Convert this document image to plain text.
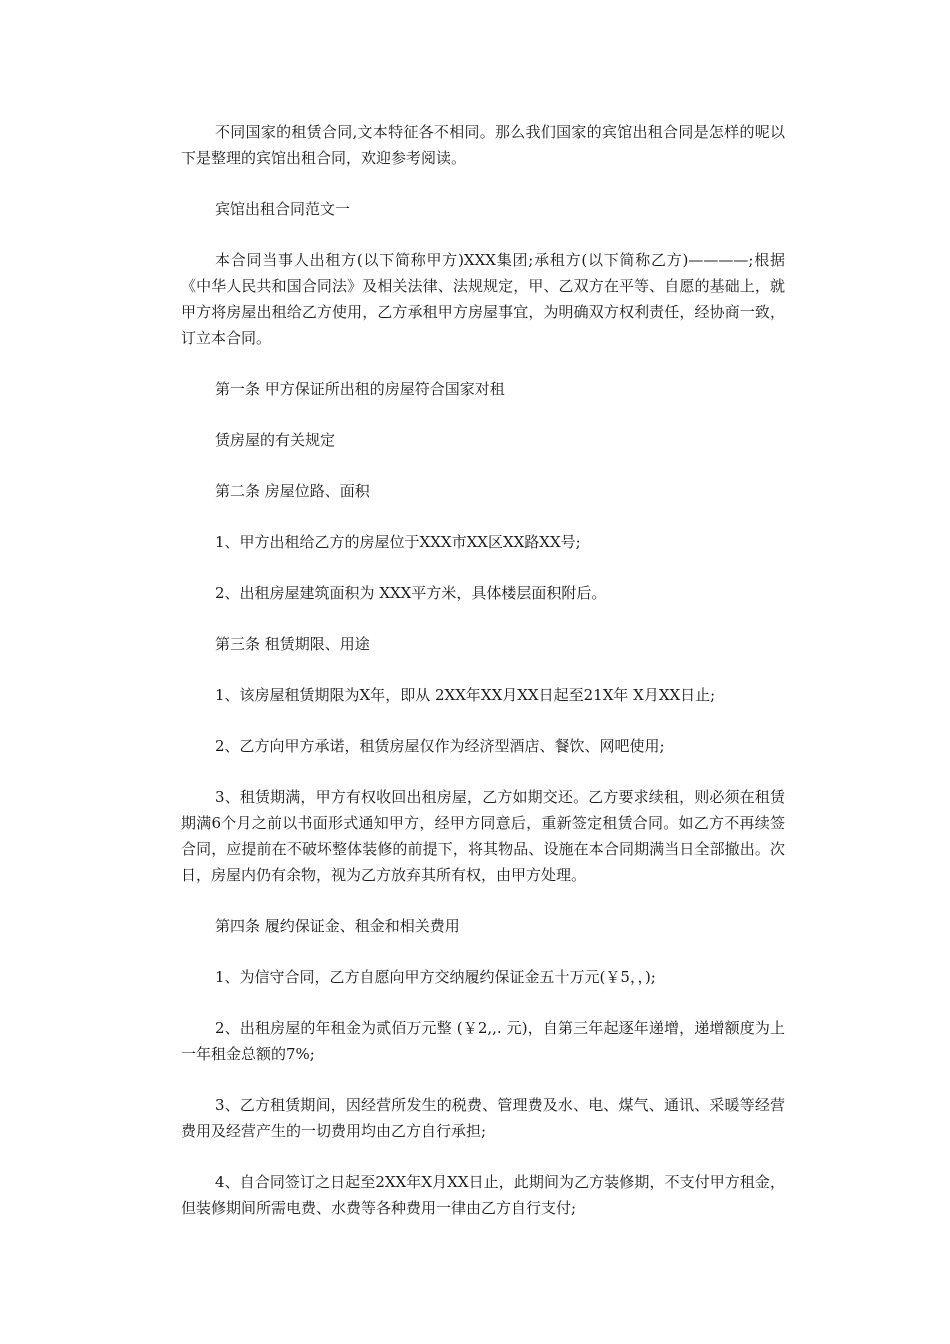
不同国家的租赁合同,文本特征各不相同。那么我们国家的宾馆出租合同是怎样的呢以下是整理的宾馆出租合同，欢迎参考阅读。

宾馆出租合同范文一

本合同当事人出租方(以下简称甲方)XXX集团;承租方(以下简称乙方)————;根据《中华人民共和国合同法》及相关法律、法规规定，甲、乙双方在平等、自愿的基础上，就甲方将房屋出租给乙方使用，乙方承租甲方房屋事宜，为明确双方权利责任，经协商一致，订立本合同。

第一条 甲方保证所出租的房屋符合国家对租

赁房屋的有关规定

第二条 房屋位路、面积

1、甲方出租给乙方的房屋位于XXX市XX区XX路XX号;

2、出租房屋建筑面积为 XXX平方米，具体楼层面积附后。

第三条 租赁期限、用途

1、该房屋租赁期限为X年，即从 2XX年XX月XX日起至21X年 X月XX日止;

2、乙方向甲方承诺，租赁房屋仅作为经济型酒店、餐饮、网吧使用;

3、租赁期满，甲方有权收回出租房屋，乙方如期交还。乙方要求续租，则必须在租赁期满6个月之前以书面形式通知甲方，经甲方同意后，重新签定租赁合同。如乙方不再续签合同，应提前在不破坏整体装修的前提下，将其物品、设施在本合同期满当日全部撤出。次日，房屋内仍有余物，视为乙方放弃其所有权，由甲方处理。

第四条 履约保证金、租金和相关费用

1、为信守合同，乙方自愿向甲方交纳履约保证金五十万元(￥5，，);

2、出租房屋的年租金为贰佰万元整 (￥2,,. 元)，自第三年起逐年递增，递增额度为上一年租金总额的7%;

3、乙方租赁期间，因经营所发生的税费、管理费及水、电、煤气、通讯、采暖等经营费用及经营产生的一切费用均由乙方自行承担;

4、自合同签订之日起至2XX年X月XX日止，此期间为乙方装修期，不支付甲方租金，但装修期间所需电费、水费等各种费用一律由乙方自行支付;
